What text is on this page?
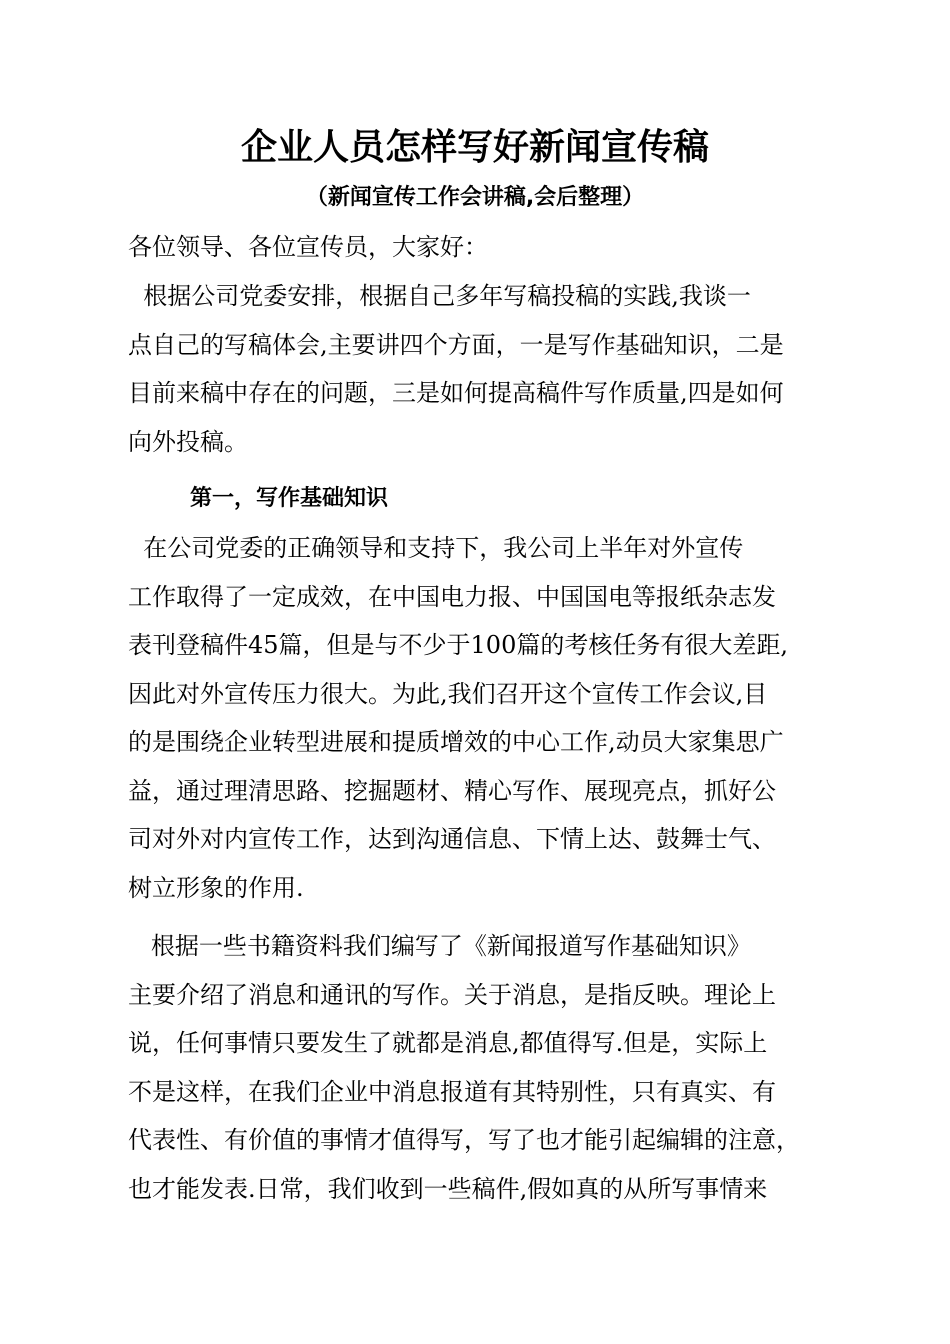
企业人员怎样写好新闻宣传稿
（新闻宣传工作会讲稿,会后整理）
各位领导、各位宣传员，大家好：
根据公司党委安排，根据自己多年写稿投稿的实践,我谈一
点自己的写稿体会,主要讲四个方面，一是写作基础知识，二是
目前来稿中存在的问题，三是如何提高稿件写作质量,四是如何
向外投稿。
第一，写作基础知识
在公司党委的正确领导和支持下，我公司上半年对外宣传
工作取得了一定成效，在中国电力报、中国国电等报纸杂志发
表刊登稿件45篇，但是与不少于100篇的考核任务有很大差距,
因此对外宣传压力很大。为此,我们召开这个宣传工作会议,目
的是围绕企业转型进展和提质增效的中心工作,动员大家集思广
益，通过理清思路、挖掘题材、精心写作、展现亮点，抓好公
司对外对内宣传工作，达到沟通信息、下情上达、鼓舞士气、
树立形象的作用.
根据一些书籍资料我们编写了《新闻报道写作基础知识》
主要介绍了消息和通讯的写作。关于消息，是指反映。理论上
说，任何事情只要发生了就都是消息,都值得写.但是，实际上
不是这样，在我们企业中消息报道有其特别性，只有真实、有
代表性、有价值的事情才值得写，写了也才能引起编辑的注意，
也才能发表.日常，我们收到一些稿件,假如真的从所写事情来
